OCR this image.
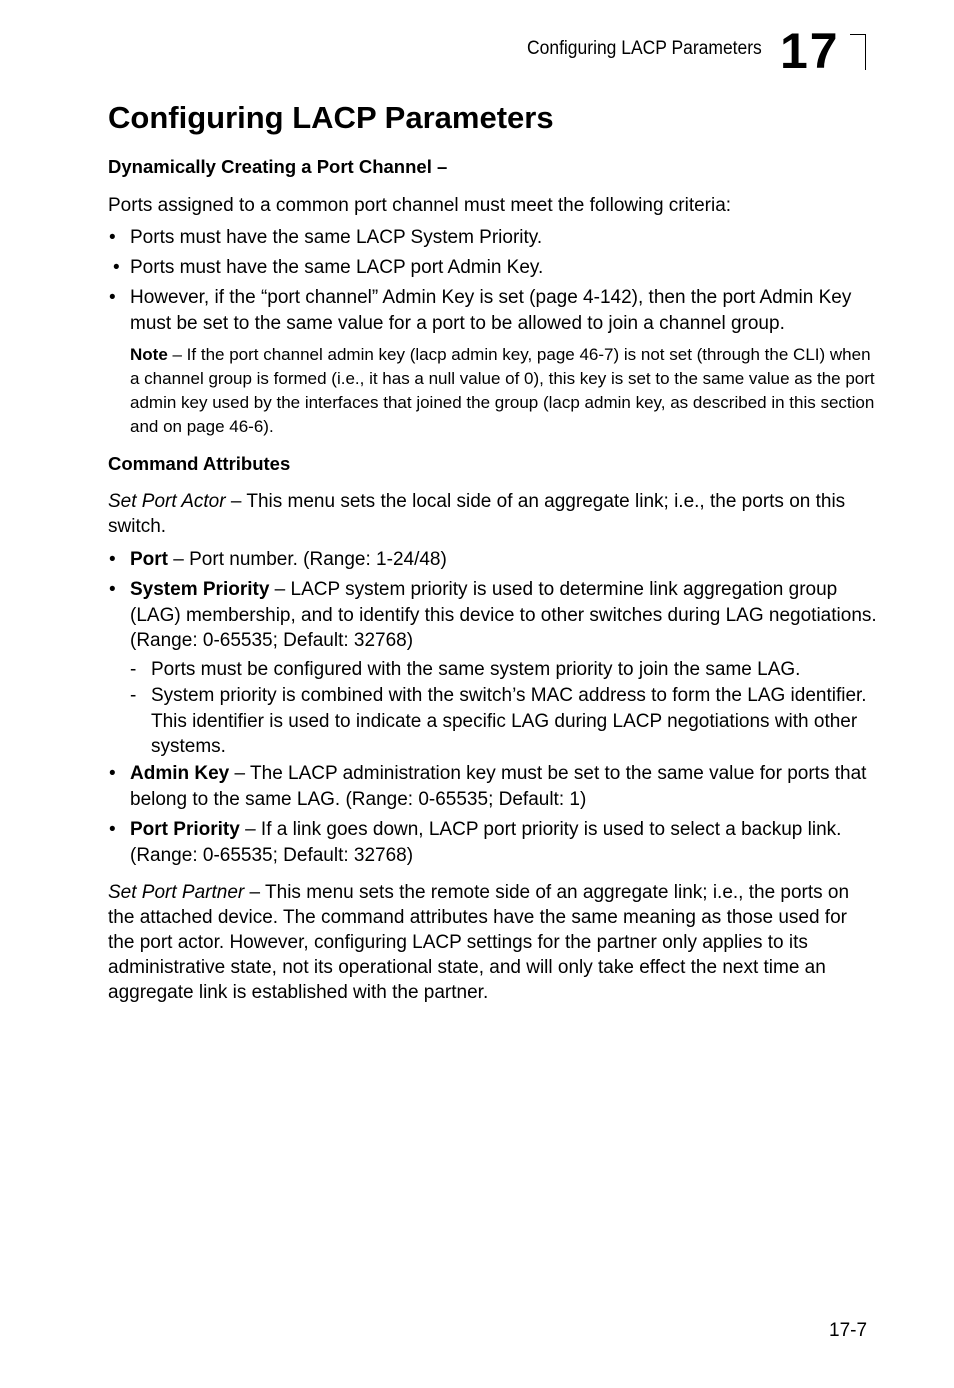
Configuring LACP Parameters 17
Configuring LACP Parameters
Dynamically Creating a Port Channel –
Ports assigned to a common port channel must meet the following criteria:
• Ports must have the same LACP System Priority.
• Ports must have the same LACP port Admin Key.
• However, if the “port channel” Admin Key is set (page 4-142), then the port Admin Key must be set to the same value for a port to be allowed to join a channel group.
Note – If the port channel admin key (lacp admin key, page 46-7) is not set (through the CLI) when a channel group is formed (i.e., it has a null value of 0), this key is set to the same value as the port admin key used by the interfaces that joined the group (lacp admin key, as described in this section and on page 46-6).
Command Attributes
Set Port Actor – This menu sets the local side of an aggregate link; i.e., the ports on this switch.
• Port – Port number. (Range: 1-24/48)
• System Priority – LACP system priority is used to determine link aggregation group (LAG) membership, and to identify this device to other switches during LAG negotiations. (Range: 0-65535; Default: 32768)
- Ports must be configured with the same system priority to join the same LAG.
- System priority is combined with the switch’s MAC address to form the LAG identifier. This identifier is used to indicate a specific LAG during LACP negotiations with other systems.
• Admin Key – The LACP administration key must be set to the same value for ports that belong to the same LAG. (Range: 0-65535; Default: 1)
• Port Priority – If a link goes down, LACP port priority is used to select a backup link. (Range: 0-65535; Default: 32768)
Set Port Partner – This menu sets the remote side of an aggregate link; i.e., the ports on the attached device. The command attributes have the same meaning as those used for the port actor. However, configuring LACP settings for the partner only applies to its administrative state, not its operational state, and will only take effect the next time an aggregate link is established with the partner.
17-7
